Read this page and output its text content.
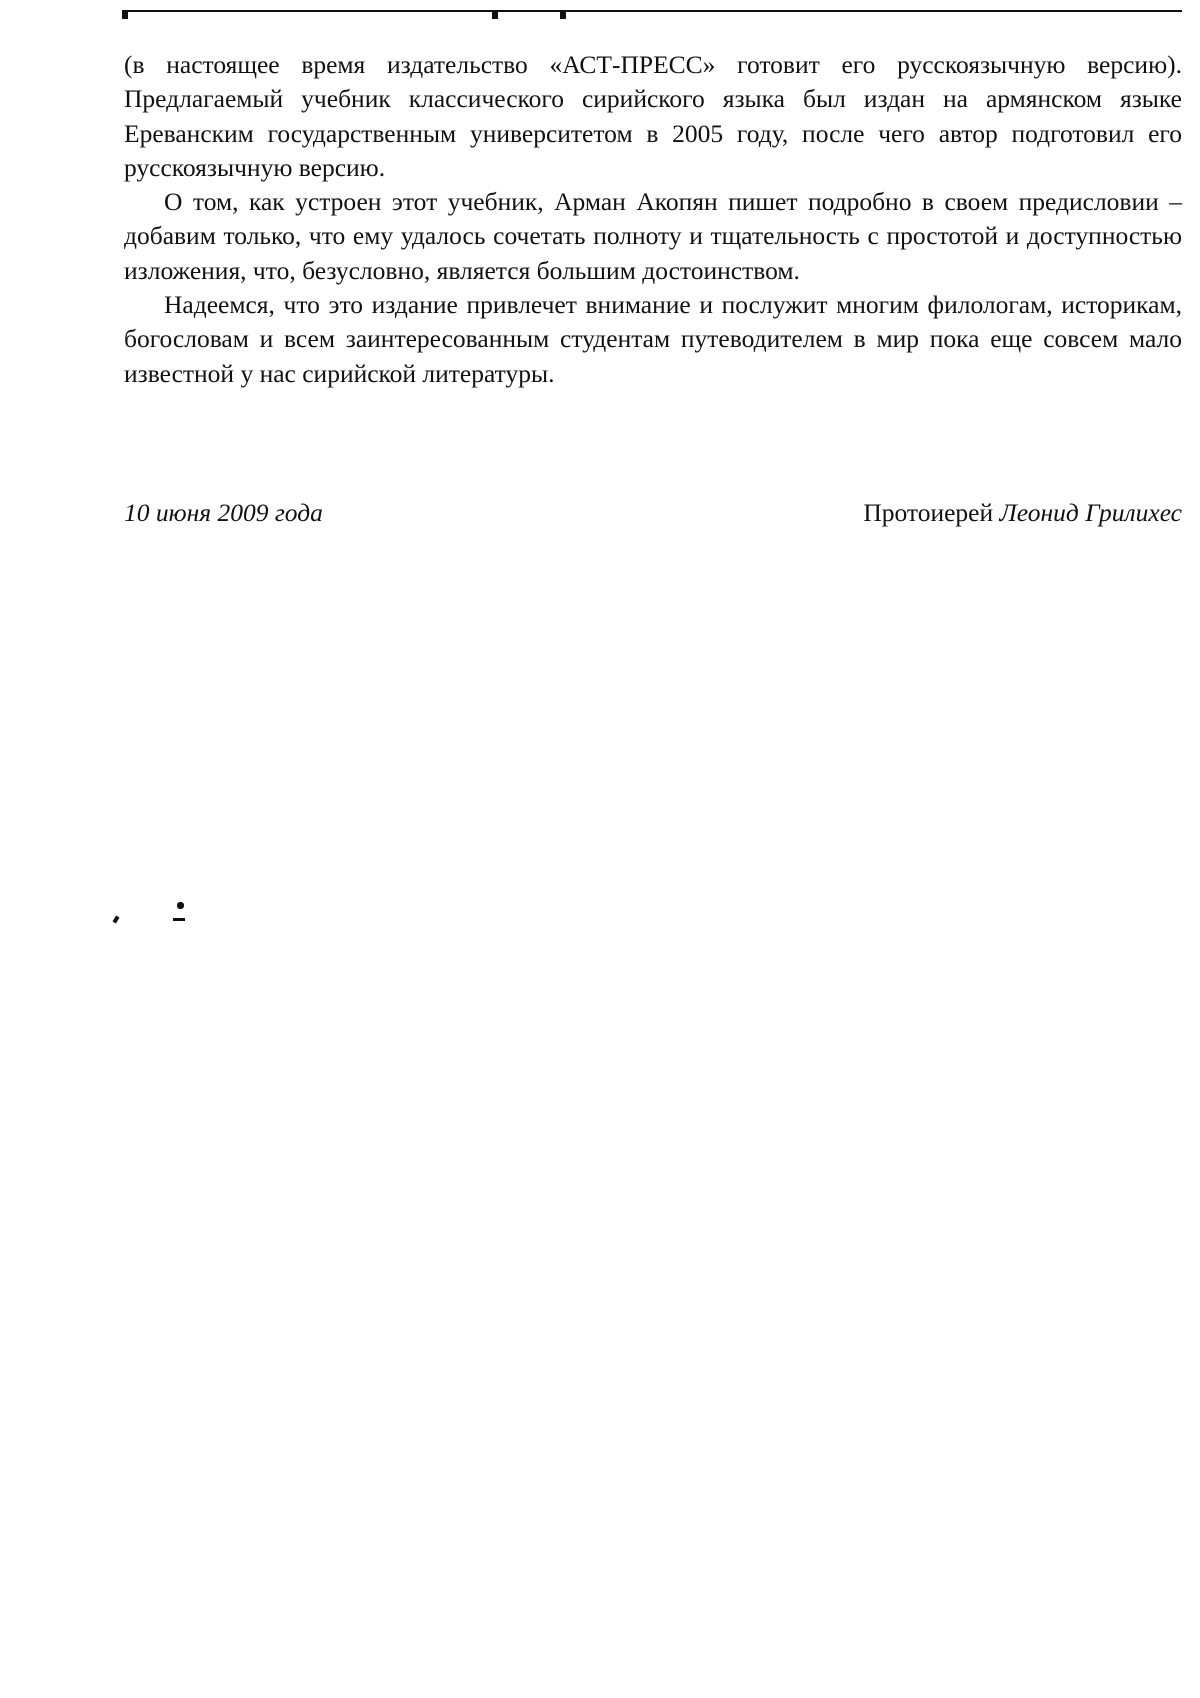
(в настоящее время издательство «АСТ-ПРЕСС» готовит его русскоязычную версию). Предлагаемый учебник классического сирийского языка был издан на армянском языке Ереванским государственным университетом в 2005 году, после чего автор подготовил его русскоязычную версию.

О том, как устроен этот учебник, Арман Акопян пишет подробно в своем предисловии – добавим только, что ему удалось сочетать полноту и тщательность с простотой и доступностью изложения, что, безусловно, является большим достоинством.

Надеемся, что это издание привлечет внимание и послужит многим филологам, историкам, богословам и всем заинтересованным студентам путеводителем в мир пока еще совсем мало известной у нас сирийской литературы.

10 июня 2009 года	Протоиерей Леонид Грилихес
